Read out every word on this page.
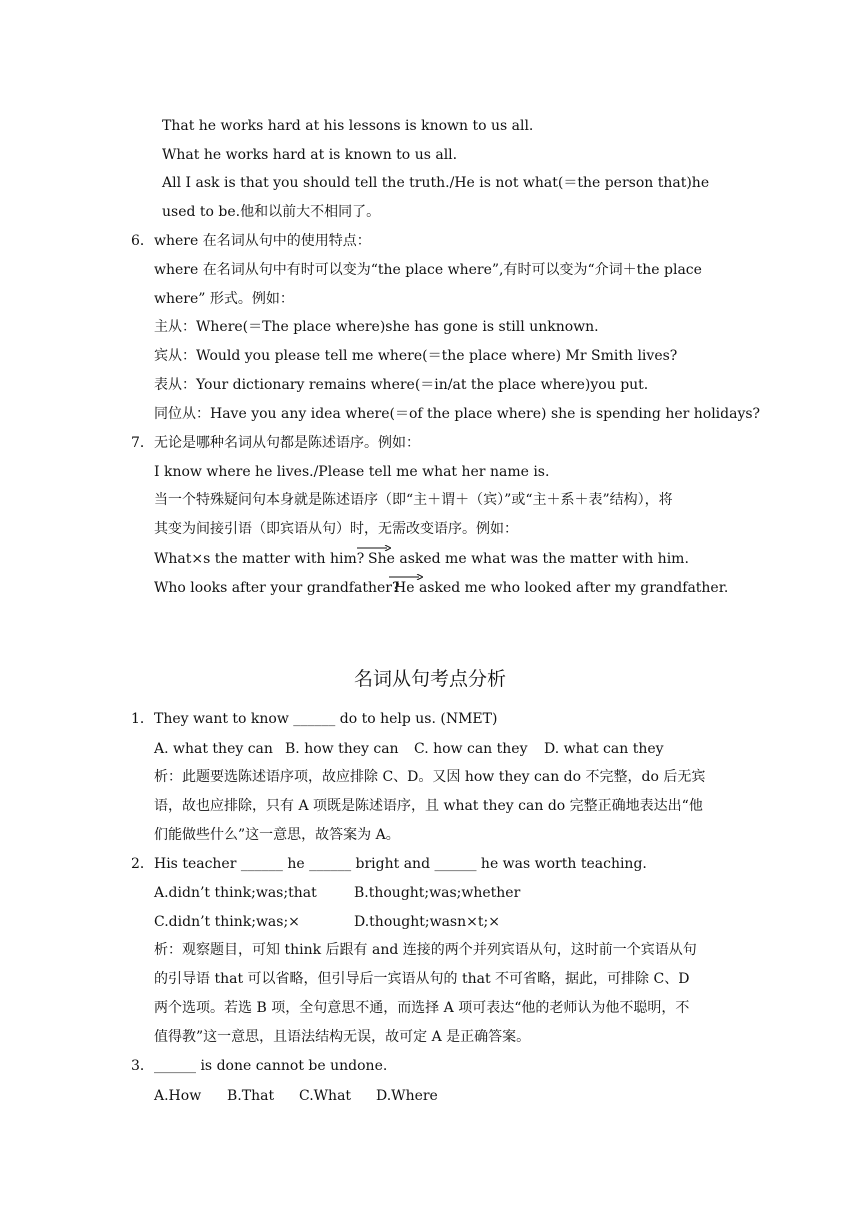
That he works hard at his lessons is known to us all.
What he works hard at is known to us all.
All I ask is that you should tell the truth./He is not what(＝the person that)he
used to be.他和以前大不相同了。
6． where 在名词从句中的使用特点：
where 在名词从句中有时可以变为“the place where”,有时可以变为“介词＋the place
where” 形式。例如：
主从：Where(＝The place where)she has gone is still unknown.
宾从：Would you please tell me where(＝the place where) Mr Smith lives?
表从：Your dictionary remains where(＝in/at the place where)you put.
同位从：Have you any idea where(＝of the place where) she is spending her holidays?
7． 无论是哪种名词从句都是陈述语序。例如：
I know where he lives./Please tell me what her name is.
当一个特殊疑问句本身就是陈述语序（即“主＋谓＋（宾）”或“主＋系＋表”结构），将
其变为间接引语（即宾语从句）时，无需改变语序。例如：
What×s the matter with him? She asked me what was the matter with him.
Who looks after your grandfather?
He asked me who looked after my grandfather.
名词从句考点分析
1． They want to know ______ do to help us. (NMET)
A. what they can B. how they can C. how can they D. what can they
析：此题要选陈述语序项，故应排除 C、D。又因 how they can do 不完整，do 后无宾
语，故也应排除，只有 A 项既是陈述语序，且 what they can do 完整正确地表达出“他
们能做些什么”这一意思，故答案为 A。
2． His teacher ______ he ______ bright and ______ he was worth teaching.
A.didn’t think;was;that	B.thought;was;whether
C.didn’t think;was;×	D.thought;wasn×t;×
析：观察题目，可知 think 后跟有 and 连接的两个并列宾语从句，这时前一个宾语从句
的引导语 that 可以省略，但引导后一宾语从句的 that 不可省略，据此，可排除 C、D
两个选项。若选 B 项，全句意思不通，而选择 A 项可表达“他的老师认为他不聪明，不
值得教”这一意思，且语法结构无误，故可定 A 是正确答案。
3． ______ is done cannot be undone.
A.How B.That C.What D.Where
